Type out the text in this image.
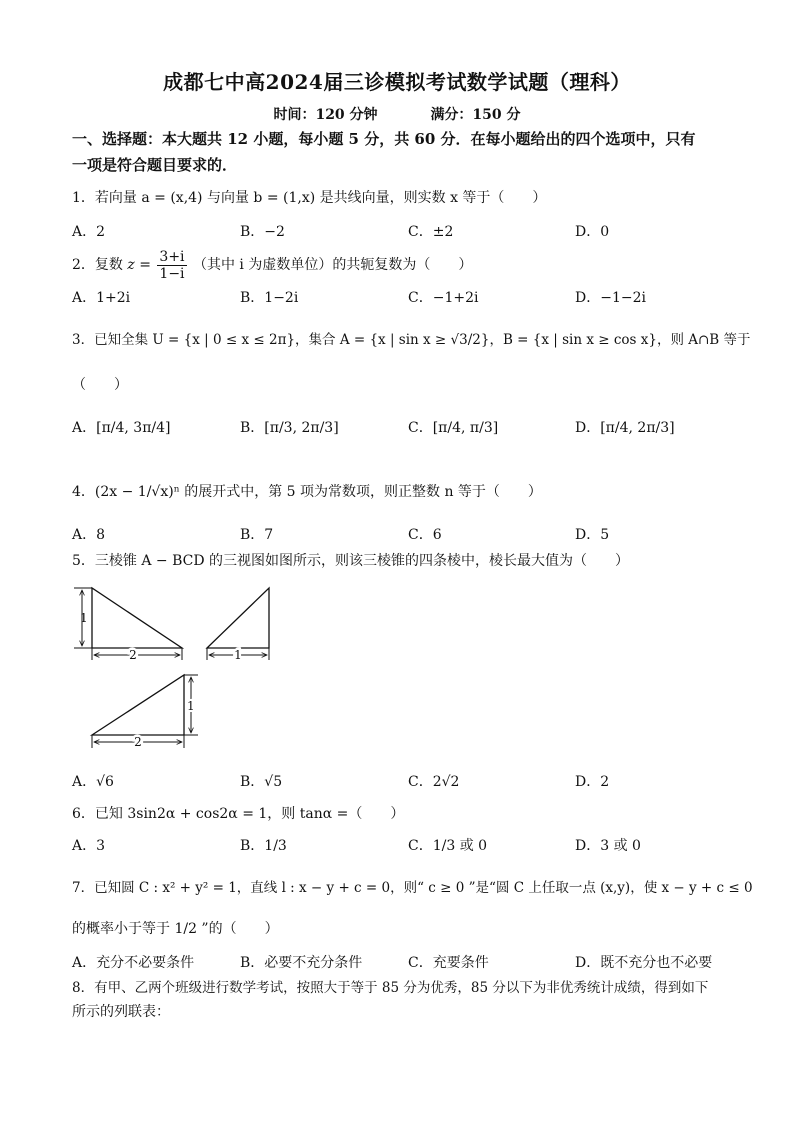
成都七中高2024届三诊模拟考试数学试题（理科）
时间：120 分钟	满分：150 分
一、选择题：本大题共 12 小题，每小题 5 分，共 60 分．在每小题给出的四个选项中，只有
一项是符合题目要求的．
1．若向量 a = (x,4) 与向量 b = (1,x) 是共线向量，则实数 x 等于（　　）
A．2	B．−2	C．±2	D．0
2．复数 $z = \frac{3+i}{1-i}$ （其中 i 为虚数单位）的共轭复数为（　　）
A．1+2i	B．1−2i	C．−1+2i	D．−1−2i
3．已知全集 U = {x | 0 ≤ x ≤ 2π}，集合 A = {x | sin x ≥ √3/2}，B = {x | sin x ≥ cos x}，则 A∩B 等于
（　　）
A．[π/4, 3π/4]	B．[π/3, 2π/3]	C．[π/4, π/3]	D．[π/4, 2π/3]
4．(2x − 1/√x)ⁿ 的展开式中，第 5 项为常数项，则正整数 n 等于（　　）
A．8	B．7	C．6	D．5
5．三棱锥 A − BCD 的三视图如图所示，则该三棱锥的四条棱中，棱长最大值为（　　）
1
2	1
1
2
A．√6	B．√5	C．2√2	D．2
6．已知 3sin2α + cos2α = 1，则 tanα =（　　）
A．3	B．1/3	C．1/3 或 0	D．3 或 0
7．已知圆 C : x² + y² = 1，直线 l : x − y + c = 0，则“ c ≥ 0 ”是“圆 C 上任取一点 (x,y)，使 x − y + c ≤ 0
的概率小于等于 1/2 ”的（　　）
A．充分不必要条件	B．必要不充分条件	C．充要条件	D．既不充分也不必要
8．有甲、乙两个班级进行数学考试，按照大于等于 85 分为优秀，85 分以下为非优秀统计成绩，得到如下
所示的列联表：
